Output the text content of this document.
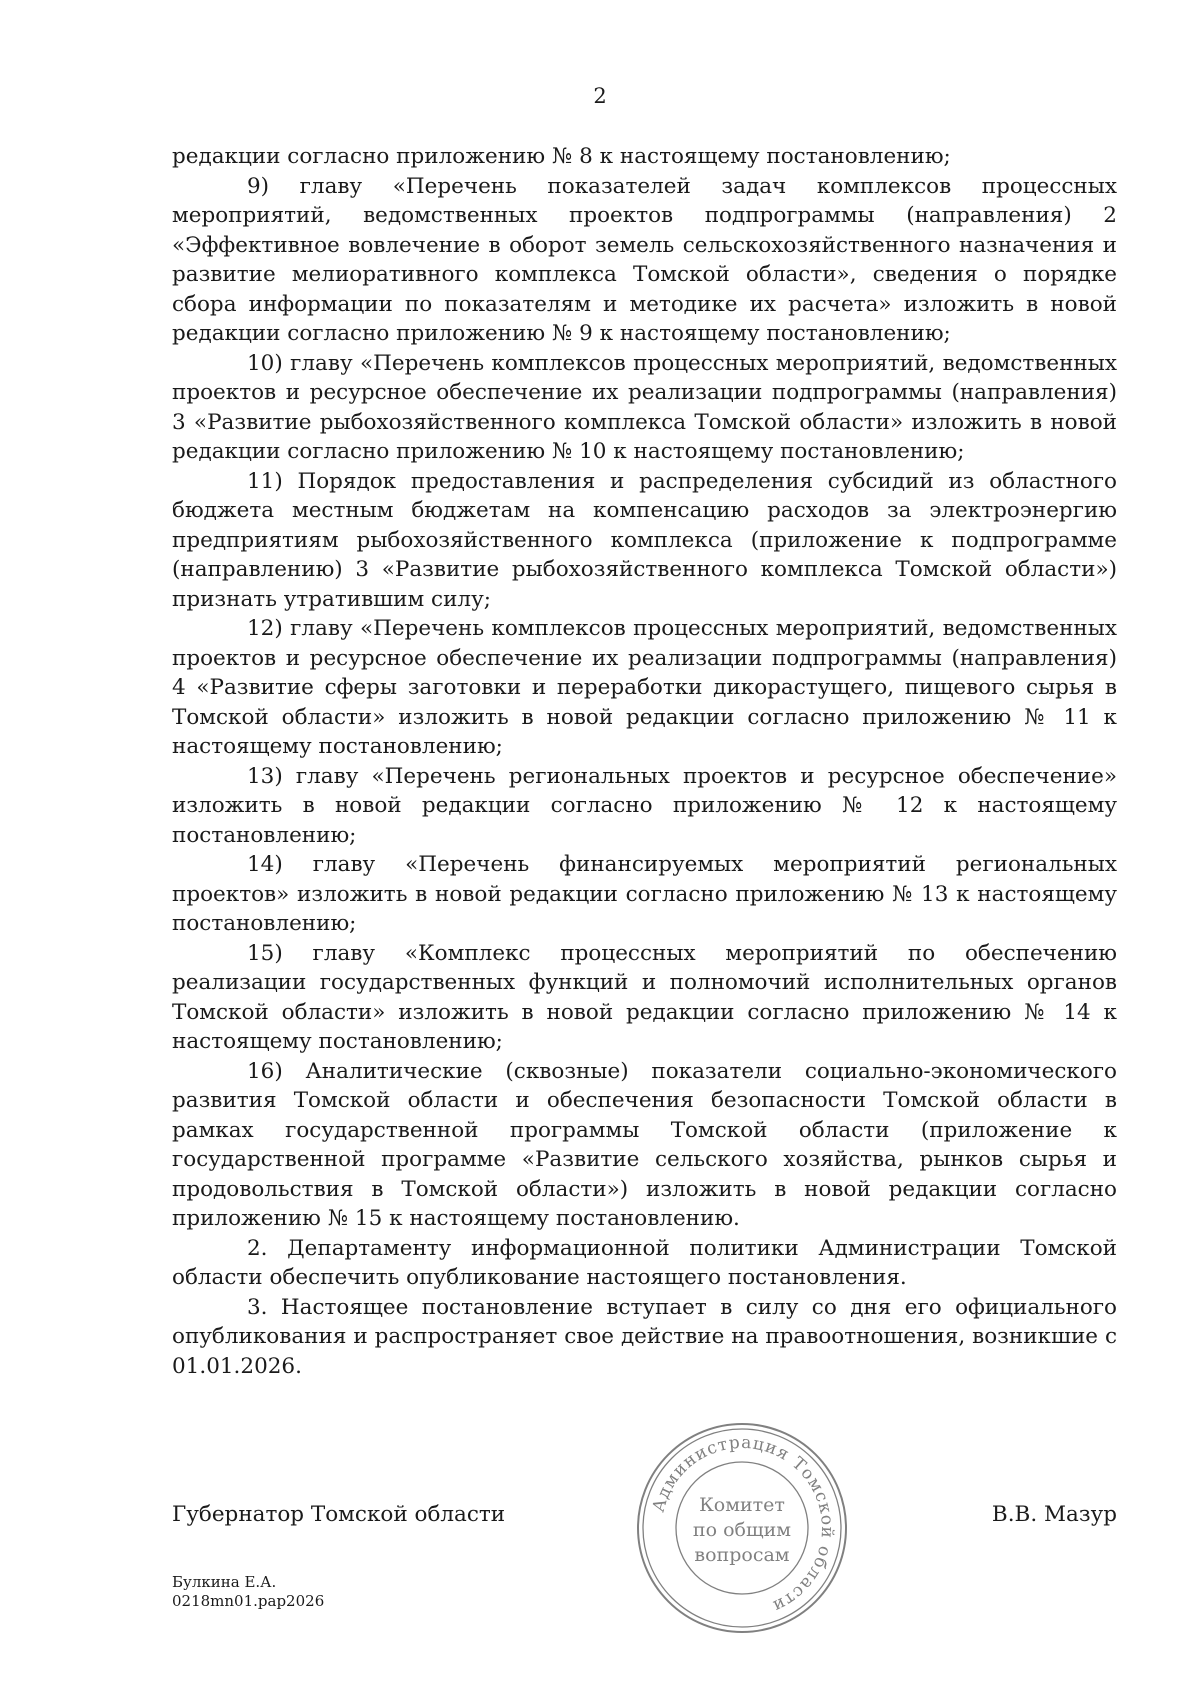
2

редакции согласно приложению № 8 к настоящему постановлению;

9) главу «Перечень показателей задач комплексов процессных мероприятий, ведомственных проектов подпрограммы (направления) 2 «Эффективное вовлечение в оборот земель сельскохозяйственного назначения и развитие мелиоративного комплекса Томской области», сведения о порядке сбора информации по показателям и методике их расчета» изложить в новой редакции согласно приложению № 9 к настоящему постановлению;

10) главу «Перечень комплексов процессных мероприятий, ведомственных проектов и ресурсное обеспечение их реализации подпрограммы (направления) 3 «Развитие рыбохозяйственного комплекса Томской области» изложить в новой редакции согласно приложению № 10 к настоящему постановлению;

11) Порядок предоставления и распределения субсидий из областного бюджета местным бюджетам на компенсацию расходов за электроэнергию предприятиям рыбохозяйственного комплекса (приложение к подпрограмме (направлению) 3 «Развитие рыбохозяйственного комплекса Томской области») признать утратившим силу;

12) главу «Перечень комплексов процессных мероприятий, ведомственных проектов и ресурсное обеспечение их реализации подпрограммы (направления) 4 «Развитие сферы заготовки и переработки дикорастущего, пищевого сырья в Томской области» изложить в новой редакции согласно приложению № 11 к настоящему постановлению;

13) главу «Перечень региональных проектов и ресурсное обеспечение» изложить в новой редакции согласно приложению № 12 к настоящему постановлению;

14) главу «Перечень финансируемых мероприятий региональных проектов» изложить в новой редакции согласно приложению № 13 к настоящему постановлению;

15) главу «Комплекс процессных мероприятий по обеспечению реализации государственных функций и полномочий исполнительных органов Томской области» изложить в новой редакции согласно приложению № 14 к настоящему постановлению;

16) Аналитические (сквозные) показатели социально-экономического развития Томской области и обеспечения безопасности Томской области в рамках государственной программы Томской области (приложение к государственной программе «Развитие сельского хозяйства, рынков сырья и продовольствия в Томской области») изложить в новой редакции согласно приложению № 15 к настоящему постановлению.

2. Департаменту информационной политики Администрации Томской области обеспечить опубликование настоящего постановления.

3. Настоящее постановление вступает в силу со дня его официального опубликования и распространяет свое действие на правоотношения, возникшие с 01.01.2026.

Губернатор Томской области	В.В. Мазур
Администрация Томской области
Комитет
по общим
вопросам
Булкина Е.А.
0218mn01.pap2026
